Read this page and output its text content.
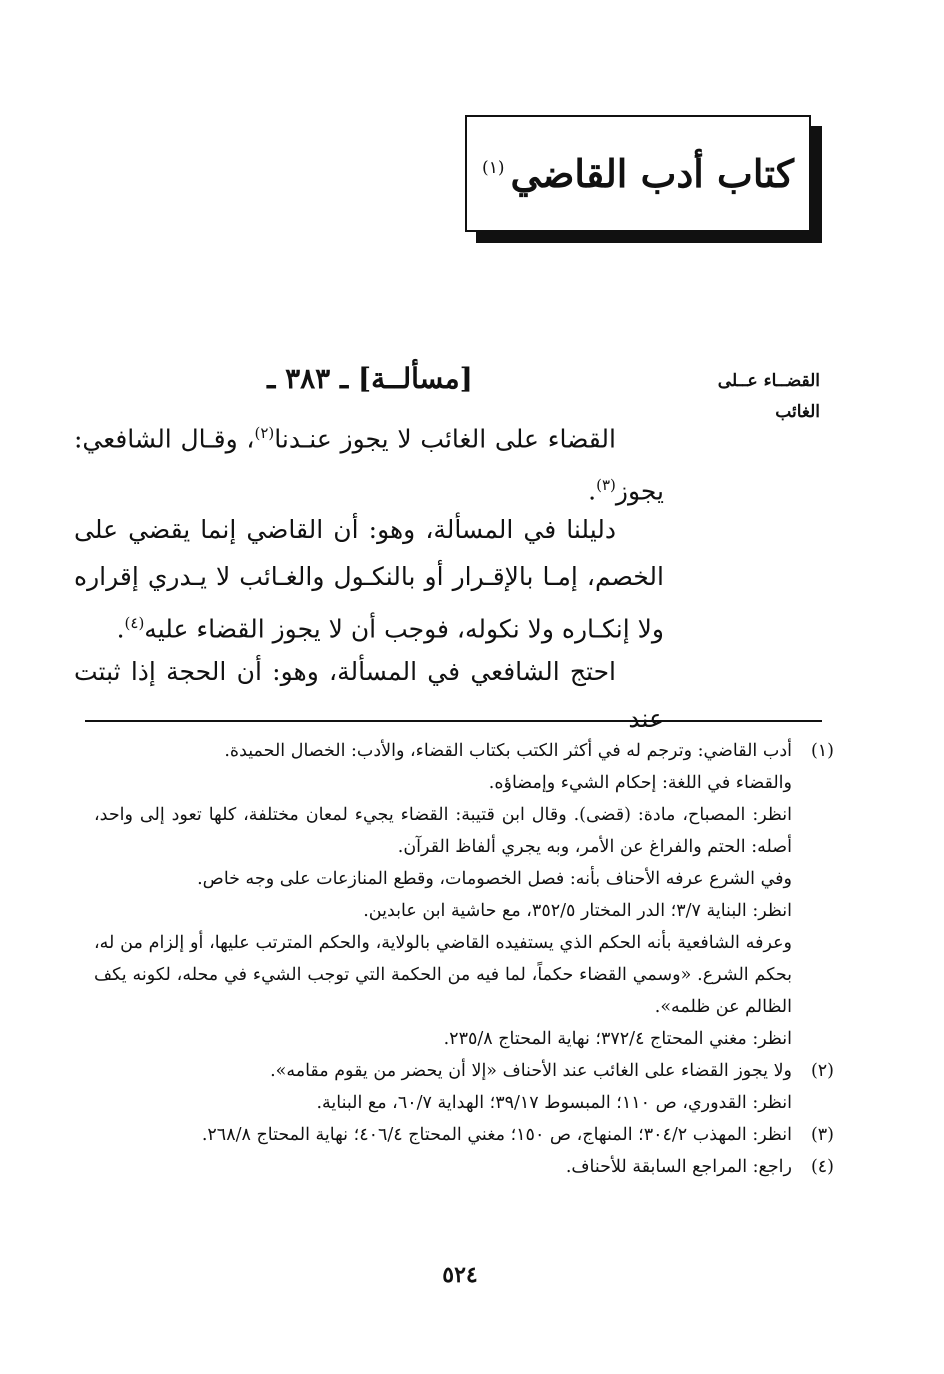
كتاب أدب القاضي$^{(١)}$
القضــاء عــلى
الغائب
[مسألــة] ـ ٣٨٣ ـ
القضاء على الغائب لا يجوز عنـدنا$^{(٢)}$، وقـال الشافعي: يجوز$^{(٣)}$.
دليلنا في المسألة، وهو: أن القاضي إنما يقضي على الخصم، إمـا بالإقـرار أو بالنكـول والغـائب لا يـدري إقراره ولا إنكـاره ولا نكوله، فوجب أن لا يجوز القضاء عليه$^{(٤)}$.
احتج الشافعي في المسألة، وهو: أن الحجة إذا ثبتت عند
(١)
أدب القاضي: وترجم له في أكثر الكتب بكتاب القضاء، والأدب: الخصال الحميدة.
والقضاء في اللغة: إحكام الشيء وإمضاؤه.
انظر: المصباح، مادة: (قضى). وقال ابن قتيبة: القضاء يجيء لمعان مختلفة، كلها تعود إلى واحد، أصله: الحتم والفراغ عن الأمر، وبه يجري ألفاظ القرآن.
وفي الشرع عرفه الأحناف بأنه: فصل الخصومات، وقطع المنازعات على وجه خاص.
انظر: البناية ٣/٧؛ الدر المختار ٣٥٢/٥، مع حاشية ابن عابدين.
وعرفه الشافعية بأنه الحكم الذي يستفيده القاضي بالولاية، والحكم المترتب عليها، أو إلزام من له، بحكم الشرع. «وسمي القضاء حكماً، لما فيه من الحكمة التي توجب الشيء في محله، لكونه يكف الظالم عن ظلمه».
انظر: مغني المحتاج ٣٧٢/٤؛ نهاية المحتاج ٢٣٥/٨.
(٢)
ولا يجوز القضاء على الغائب عند الأحناف «إلا أن يحضر من يقوم مقامه».
انظر: القدوري، ص ١١٠؛ المبسوط ٣٩/١٧؛ الهداية ٦٠/٧، مع البناية.
(٣)
انظر: المهذب ٣٠٤/٢؛ المنهاج، ص ١٥٠؛ مغني المحتاج ٤٠٦/٤؛ نهاية المحتاج ٢٦٨/٨.
(٤)
راجع: المراجع السابقة للأحناف.
٥٢٤
